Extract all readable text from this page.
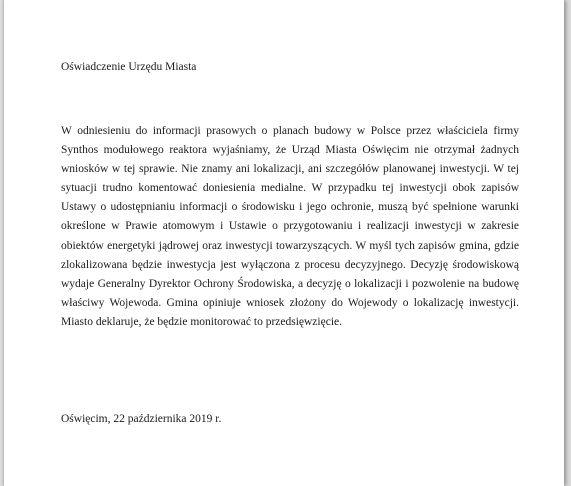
Oświadczenie Urzędu Miasta
W odniesieniu do informacji prasowych o planach budowy w Polsce przez właściciela firmy Synthos modułowego reaktora wyjaśniamy, że Urząd Miasta Oświęcim nie otrzymał żadnych wniosków w tej sprawie. Nie znamy ani lokalizacji, ani szczegółów planowanej inwestycji. W tej sytuacji trudno komentować doniesienia medialne. W przypadku tej inwestycji obok zapisów Ustawy o udostępnianiu informacji o środowisku i jego ochronie, muszą być spełnione warunki określone w Prawie atomowym i Ustawie o przygotowaniu i realizacji inwestycji w zakresie obiektów energetyki jądrowej oraz inwestycji towarzyszących. W myśl tych zapisów gmina, gdzie zlokalizowana będzie inwestycja jest wyłączona z procesu decyzyjnego. Decyzję środowiskową wydaje Generalny Dyrektor Ochrony Środowiska, a decyzję o lokalizacji i pozwolenie na budowę właściwy Wojewoda. Gmina opiniuje wniosek złożony do Wojewody o lokalizację inwestycji. Miasto deklaruje, że będzie monitorować to przedsięwzięcie.
Oświęcim, 22 października 2019 r.
